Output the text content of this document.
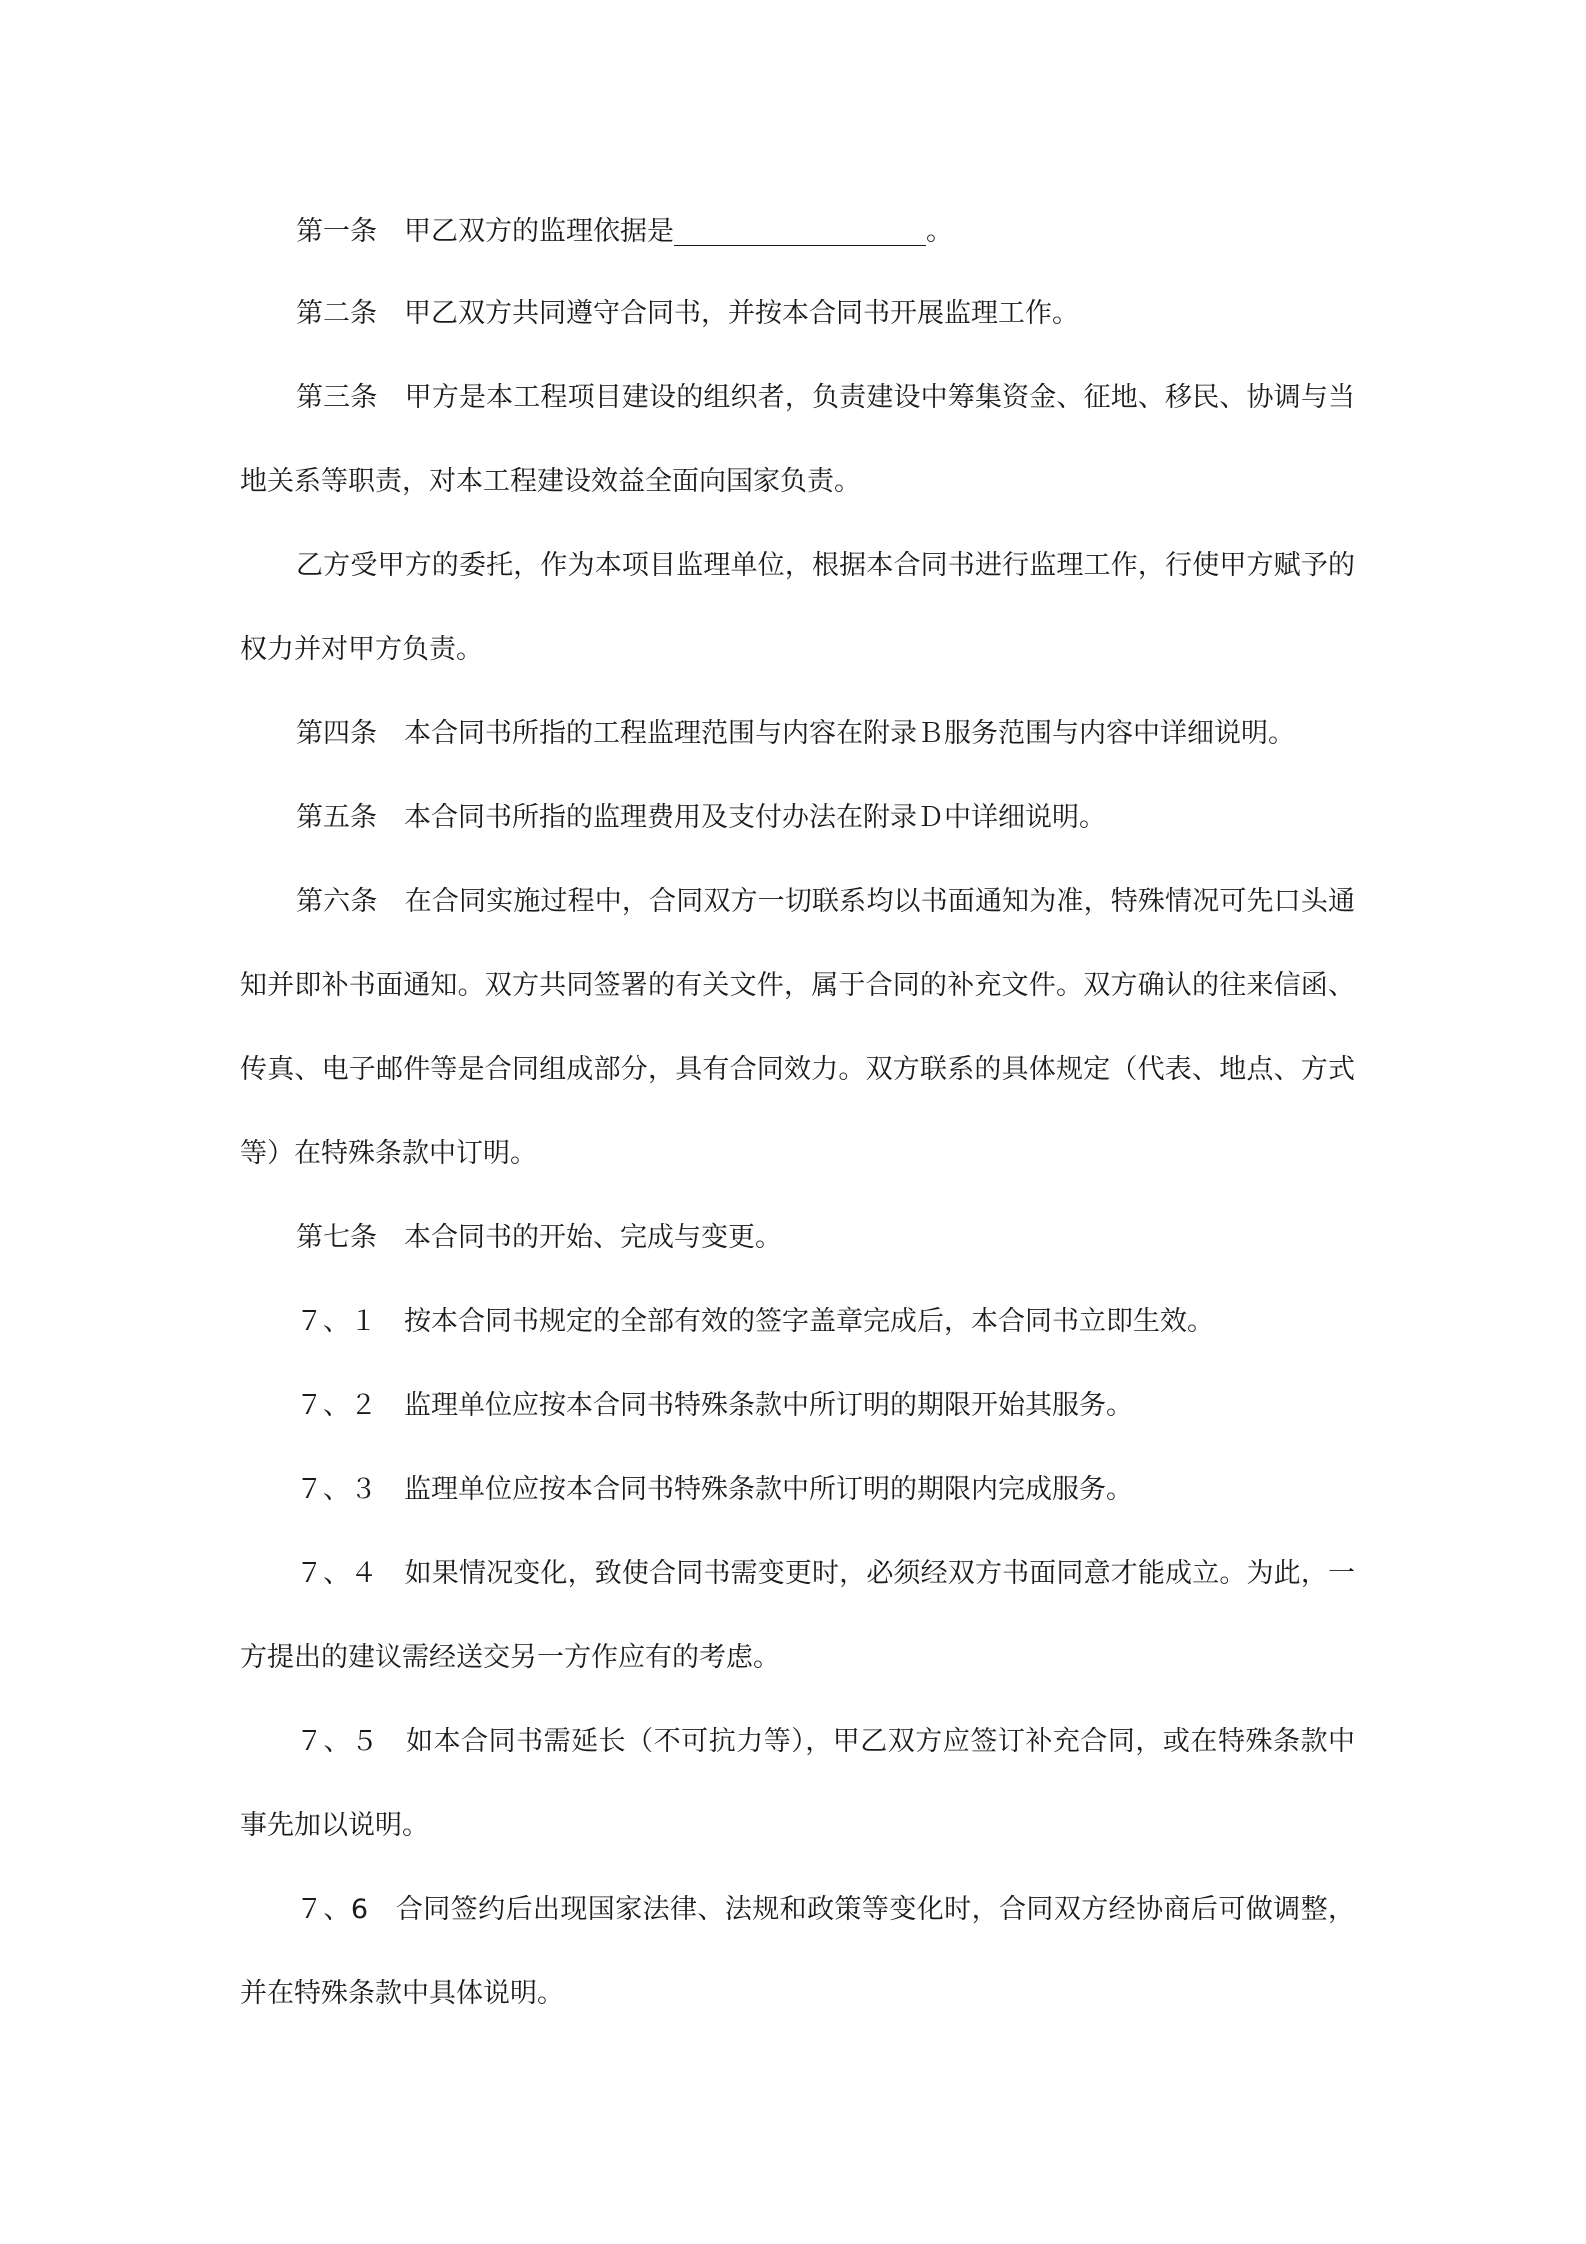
第一条　甲乙双方的监理依据是	。

第二条　甲乙双方共同遵守合同书，并按本合同书开展监理工作。

第三条　甲方是本工程项目建设的组织者，负责建设中筹集资金、征地、移民、协调与当地关系等职责，对本工程建设效益全面向国家负责。

乙方受甲方的委托，作为本项目监理单位，根据本合同书进行监理工作，行使甲方赋予的权力并对甲方负责。

第四条　本合同书所指的工程监理范围与内容在附录Ｂ服务范围与内容中详细说明。

第五条　本合同书所指的监理费用及支付办法在附录Ｄ中详细说明。

第六条　在合同实施过程中，合同双方一切联系均以书面通知为准，特殊情况可先口头通知并即补书面通知。双方共同签署的有关文件，属于合同的补充文件。双方确认的往来信函、传真、电子邮件等是合同组成部分，具有合同效力。双方联系的具体规定（代表、地点、方式等）在特殊条款中订明。

第七条　本合同书的开始、完成与变更。

７、１　按本合同书规定的全部有效的签字盖章完成后，本合同书立即生效。

７、２　监理单位应按本合同书特殊条款中所订明的期限开始其服务。

７、３　监理单位应按本合同书特殊条款中所订明的期限内完成服务。

７、４　如果情况变化，致使合同书需变更时，必须经双方书面同意才能成立。为此，一方提出的建议需经送交另一方作应有的考虑。

７、５　如本合同书需延长（不可抗力等），甲乙双方应签订补充合同，或在特殊条款中事先加以说明。

７、6　合同签约后出现国家法律、法规和政策等变化时，合同双方经协商后可做调整，并在特殊条款中具体说明。
